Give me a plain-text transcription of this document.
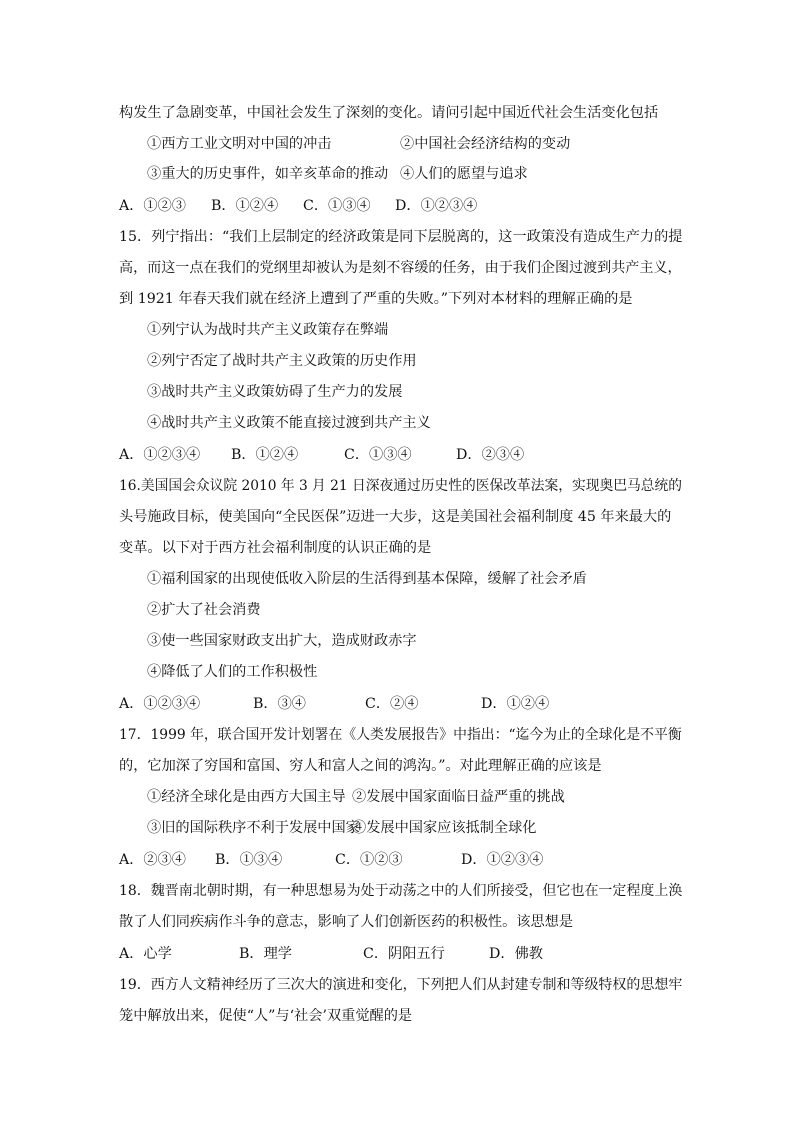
构发生了急剧变革，中国社会发生了深刻的变化。请问引起中国近代社会生活变化包括
①西方工业文明对中国的冲击	②中国社会经济结构的变动
③重大的历史事件，如辛亥革命的推动 ④人们的愿望与追求
A．①②③ B．①②④ C．①③④ D．①②③④
15．列宁指出：“我们上层制定的经济政策是同下层脱离的，这一政策没有造成生产力的提
高，而这一点在我们的党纲里却被认为是刻不容缓的任务，由于我们企图过渡到共产主义，
到 1921 年春天我们就在经济上遭到了严重的失败。”下列对本材料的理解正确的是
①列宁认为战时共产主义政策存在弊端
②列宁否定了战时共产主义政策的历史作用
③战时共产主义政策妨碍了生产力的发展
④战时共产主义政策不能直接过渡到共产主义
A．①②③④ B．①②④	C．①③④	D．②③④
16.美国国会众议院 2010 年 3 月 21 日深夜通过历史性的医保改革法案，实现奥巴马总统的
头号施政目标，使美国向“全民医保”迈进一大步，这是美国社会福利制度 45 年来最大的
变革。以下对于西方社会福利制度的认识正确的是
①福利国家的出现使低收入阶层的生活得到基本保障，缓解了社会矛盾
②扩大了社会消费
③使一些国家财政支出扩大，造成财政赤字
④降低了人们的工作积极性
A．①②③④	B．③④	C．②④	D．①②④
17．1999 年，联合国开发计划署在《人类发展报告》中指出：“迄今为止的全球化是不平衡
的，它加深了穷国和富国、穷人和富人之间的鸿沟。”。对此理解正确的应该是
①经济全球化是由西方大国主导 ②发展中国家面临日益严重的挑战
③旧的国际秩序不利于发展中国家
④发展中国家应该抵制全球化
A．②③④ B．①③④	C．①②③	D．①②③④
18．魏晋南北朝时期，有一种思想易为处于动荡之中的人们所接受，但它也在一定程度上涣
散了人们同疾病作斗争的意志，影响了人们创新医药的积极性。该思想是
A．心学	B．理学	C．阴阳五行	D．佛教
19．西方人文精神经历了三次大的演进和变化，下列把人们从封建专制和等级特权的思想牢
笼中解放出来，促使“人”与‘社会’双重觉醒的是
